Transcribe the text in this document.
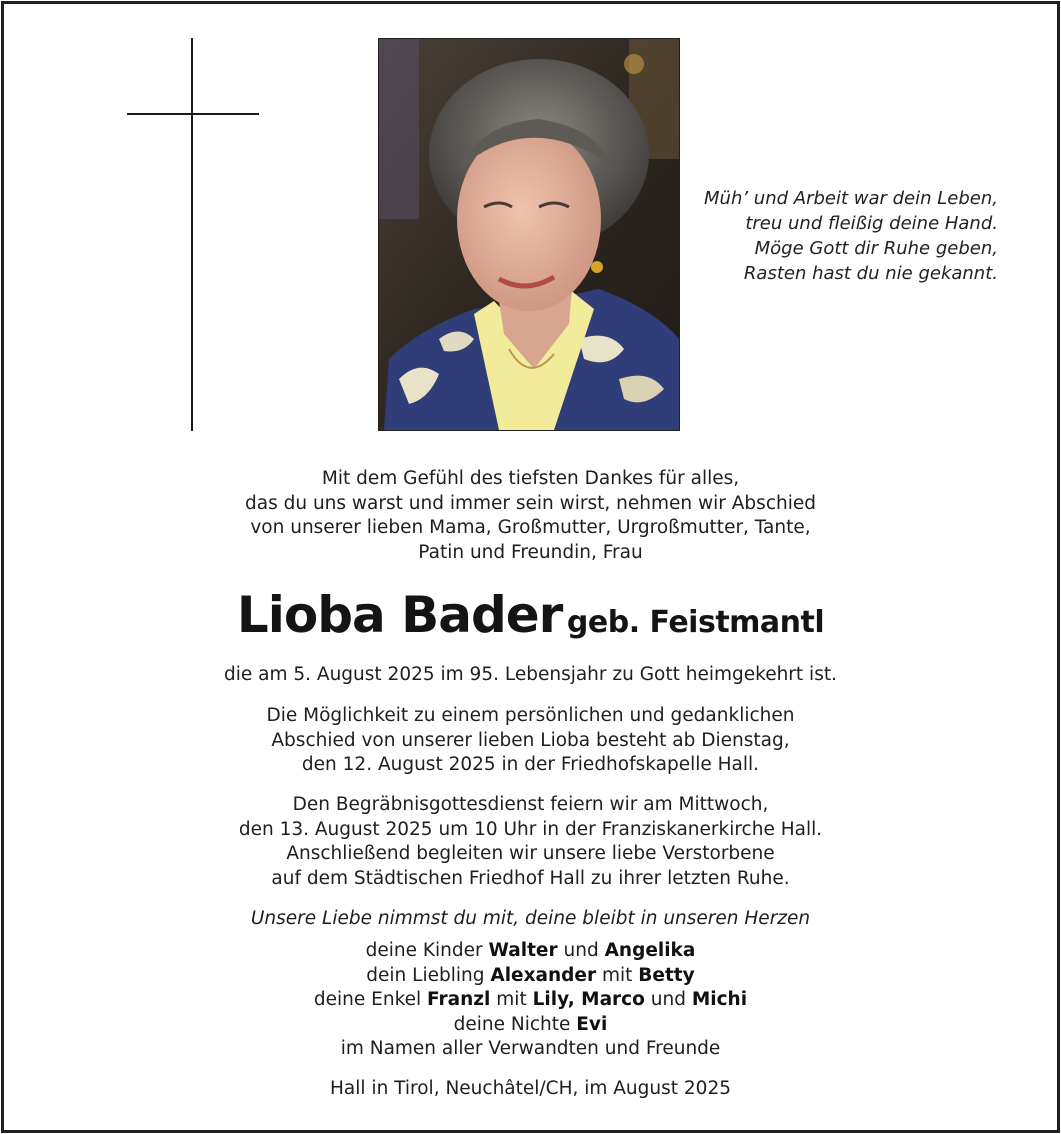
Müh’ und Arbeit war dein Leben,
treu und fleißig deine Hand.
Möge Gott dir Ruhe geben,
Rasten hast du nie gekannt.
Mit dem Gefühl des tiefsten Dankes für alles,
das du uns warst und immer sein wirst, nehmen wir Abschied
von unserer lieben Mama, Großmutter, Urgroßmutter, Tante,
Patin und Freundin, Frau
Lioba Bader geb. Feistmantl
die am 5. August 2025 im 95. Lebensjahr zu Gott heimgekehrt ist.
Die Möglichkeit zu einem persönlichen und gedanklichen
Abschied von unserer lieben Lioba besteht ab Dienstag,
den 12. August 2025 in der Friedhofskapelle Hall.
Den Begräbnisgottesdienst feiern wir am Mittwoch,
den 13. August 2025 um 10 Uhr in der Franziskanerkirche Hall.
Anschließend begleiten wir unsere liebe Verstorbene
auf dem Städtischen Friedhof Hall zu ihrer letzten Ruhe.
Unsere Liebe nimmst du mit, deine bleibt in unseren Herzen
deine Kinder Walter und Angelika
dein Liebling Alexander mit Betty
deine Enkel Franzl mit Lily, Marco und Michi
deine Nichte Evi
im Namen aller Verwandten und Freunde
Hall in Tirol, Neuchâtel/CH, im August 2025
